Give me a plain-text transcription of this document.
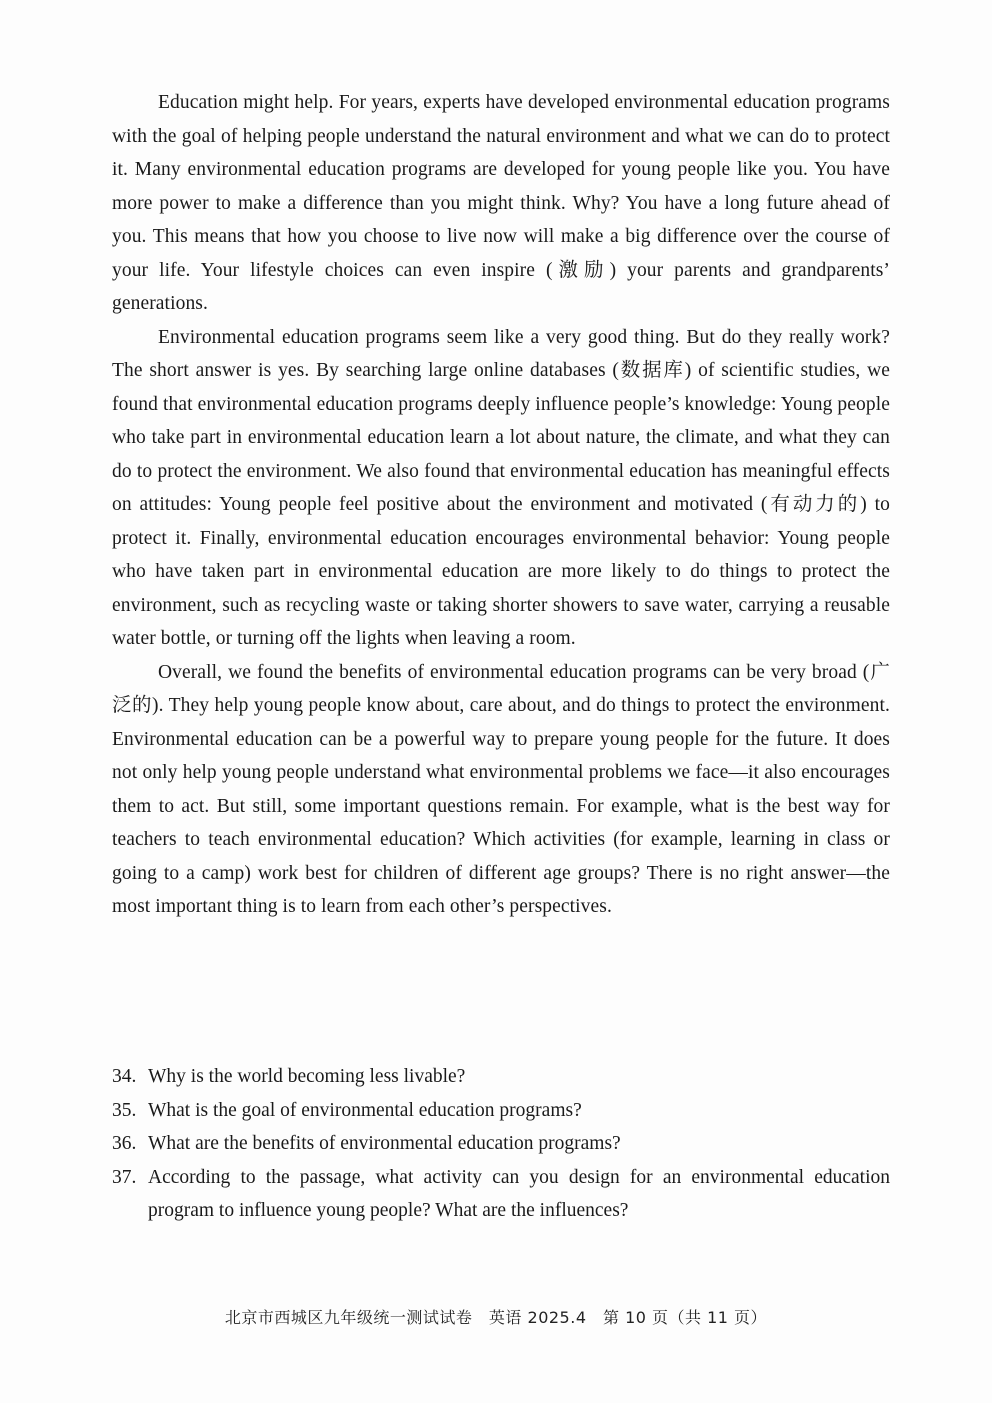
Education might help. For years, experts have developed environmental education programs with the goal of helping people understand the natural environment and what we can do to protect it. Many environmental education programs are developed for young people like you. You have more power to make a difference than you might think. Why? You have a long future ahead of you. This means that how you choose to live now will make a big difference over the course of your life. Your lifestyle choices can even inspire (激励) your parents and grandparents’ generations.

Environmental education programs seem like a very good thing. But do they really work? The short answer is yes. By searching large online databases (数据库) of scientific studies, we found that environmental education programs deeply influence people’s knowledge: Young people who take part in environmental education learn a lot about nature, the climate, and what they can do to protect the environment. We also found that environmental education has meaningful effects on attitudes: Young people feel positive about the environment and motivated (有动力的) to protect it. Finally, environmental education encourages environmental behavior: Young people who have taken part in environmental education are more likely to do things to protect the environment, such as recycling waste or taking shorter showers to save water, carrying a reusable water bottle, or turning off the lights when leaving a room.

Overall, we found the benefits of environmental education programs can be very broad (广泛的). They help young people know about, care about, and do things to protect the environment. Environmental education can be a powerful way to prepare young people for the future. It does not only help young people understand what environmental problems we face—it also encourages them to act. But still, some important questions remain. For example, what is the best way for teachers to teach environmental education? Which activities (for example, learning in class or going to a camp) work best for children of different age groups? There is no right answer—the most important thing is to learn from each other’s perspectives.

34. Why is the world becoming less livable?
35. What is the goal of environmental education programs?
36. What are the benefits of environmental education programs?
37. According to the passage, what activity can you design for an environmental education program to influence young people? What are the influences?
北京市西城区九年级统一测试试卷　英语 2025.4　第 10 页（共 11 页）
